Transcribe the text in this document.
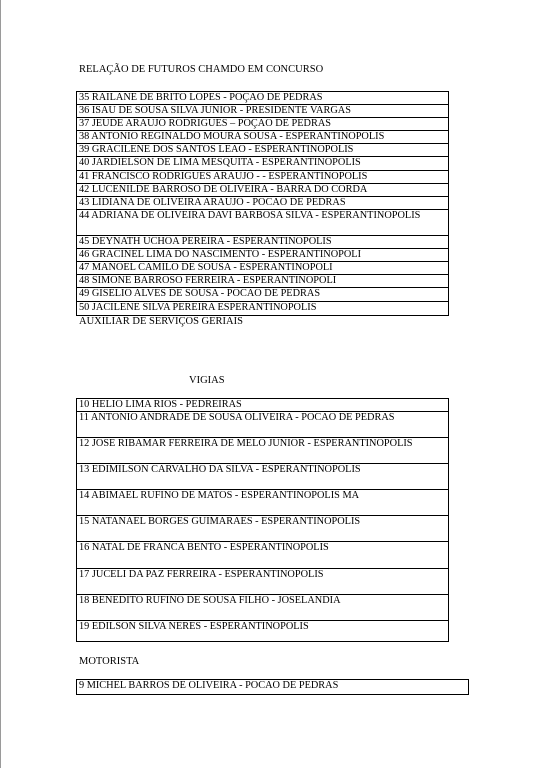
RELAÇÃO DE FUTUROS CHAMDO EM CONCURSO
35 RAILANE DE BRITO LOPES - POÇAO DE PEDRAS
36 ISAU DE SOUSA SILVA JUNIOR - PRESIDENTE VARGAS
37 JEUDE ARAUJO RODRIGUES – POÇAO DE PEDRAS
38 ANTONIO REGINALDO MOURA SOUSA - ESPERANTINOPOLIS
39 GRACILENE DOS SANTOS LEAO - ESPERANTINOPOLIS
40 JARDIELSON DE LIMA MESQUITA - ESPERANTINOPOLIS
41 FRANCISCO RODRIGUES ARAUJO - - ESPERANTINOPOLIS
42 LUCENILDE BARROSO DE OLIVEIRA - BARRA DO CORDA
43 LIDIANA DE OLIVEIRA ARAUJO - POCAO DE PEDRAS
44 ADRIANA DE OLIVEIRA DAVI BARBOSA SILVA - ESPERANTINOPOLIS
45 DEYNATH UCHOA PEREIRA - ESPERANTINOPOLIS
46 GRACINEL LIMA DO NASCIMENTO - ESPERANTINOPOLI
47 MANOEL CAMILO DE SOUSA - ESPERANTINOPOLI
48 SIMONE BARROSO FERREIRA - ESPERANTINOPOLI
49 GISELIO ALVES DE SOUSA - POCAO DE PEDRAS
50 JACILENE SILVA PEREIRA ESPERANTINOPOLIS
AUXILIAR DE SERVIÇOS GERIAIS
VIGIAS
10 HELIO LIMA RIOS - PEDREIRAS
11 ANTONIO ANDRADE DE SOUSA OLIVEIRA - POCAO DE PEDRAS
12 JOSE RIBAMAR FERREIRA DE MELO JUNIOR - ESPERANTINOPOLIS
13 EDIMILSON CARVALHO DA SILVA - ESPERANTINOPOLIS
14 ABIMAEL RUFINO DE MATOS - ESPERANTINOPOLIS MA
15 NATANAEL BORGES GUIMARAES - ESPERANTINOPOLIS
16 NATAL DE FRANCA BENTO - ESPERANTINOPOLIS
17 JUCELI DA PAZ FERREIRA - ESPERANTINOPOLIS
18 BENEDITO RUFINO DE SOUSA FILHO - JOSELANDIA
19 EDILSON SILVA NERES - ESPERANTINOPOLIS
MOTORISTA
9 MICHEL BARROS DE OLIVEIRA - POCAO DE PEDRAS
